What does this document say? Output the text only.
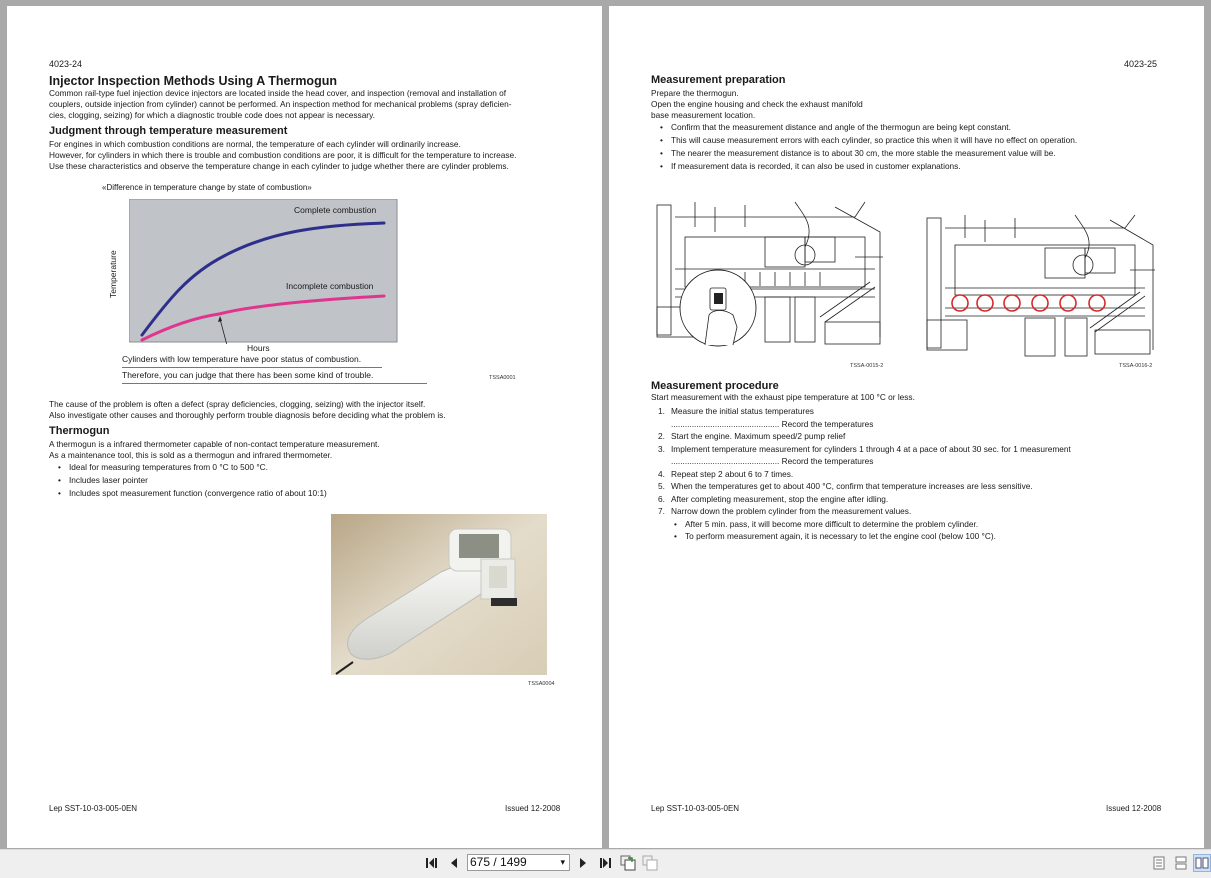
4023-24
Injector Inspection Methods Using A Thermogun

Common rail-type fuel injection device injectors are located inside the head cover, and inspection (removal and installation of

couplers, outside injection from cylinder) cannot be performed. An inspection method for mechanical problems (spray deficien-

cies, clogging, seizing) for which a diagnostic trouble code does not appear is necessary.

Judgment through temperature measurement

For engines in which combustion conditions are normal, the temperature of each cylinder will ordinarily increase.

However, for cylinders in which there is trouble and combustion conditions are poor, it is difficult for the temperature to increase.

Use these characteristics and observe the temperature change in each cylinder to judge whether there are cylinder problems.

«Difference in temperature change by state of combustion»
Temperature
Complete combustion
Incomplete combustion
Hours
Cylinders with low temperature have poor status of combustion.
Therefore, you can judge that there has been some kind of trouble.	TSSA0001

The cause of the problem is often a defect (spray deficiencies, clogging, seizing) with the injector itself.

Also investigate other causes and thoroughly perform trouble diagnosis before deciding what the problem is.

Thermogun

A thermogun is a infrared thermometer capable of non-contact temperature measurement.

As a maintenance tool, this is sold as a thermogun and infrared thermometer.

• Ideal for measuring temperatures from 0 °C to 500 °C.
• Includes laser pointer
• Includes spot measurement function (convergence ratio of about 10:1)
TSSA0004
Lep SST-10-03-005-0EN	Issued 12-2008
4023-25
Measurement preparation

Prepare the thermogun.

Open the engine housing and check the exhaust manifold

base measurement location.

• Confirm that the measurement distance and angle of the thermogun are being kept constant.
• This will cause measurement errors with each cylinder, so practice this when it will have no effect on operation.
• The nearer the measurement distance is to about 30 cm, the more stable the measurement value will be.
• If measurement data is recorded, it can also be used in customer explanations.
TSSA-0015-2	TSSA-0016-2
Measurement procedure
Start measurement with the exhaust pipe temperature at 100 °C or less.
1. Measure the initial status temperatures
............................................... Record the temperatures
2. Start the engine. Maximum speed/2 pump relief
3. Implement temperature measurement for cylinders 1 through 4 at a pace of about 30 sec. for 1 measurement
............................................... Record the temperatures
4. Repeat step 2 about 6 to 7 times.
5. When the temperatures get to about 400 °C, confirm that temperature increases are less sensitive.
6. After completing measurement, stop the engine after idling.
7. Narrow down the problem cylinder from the measurement values.
• After 5 min. pass, it will become more difficult to determine the problem cylinder.
• To perform measurement again, it is necessary to let the engine cool (below 100 °C).
Lep SST-10-03-005-0EN	Issued 12-2008
675 / 1499	▾
